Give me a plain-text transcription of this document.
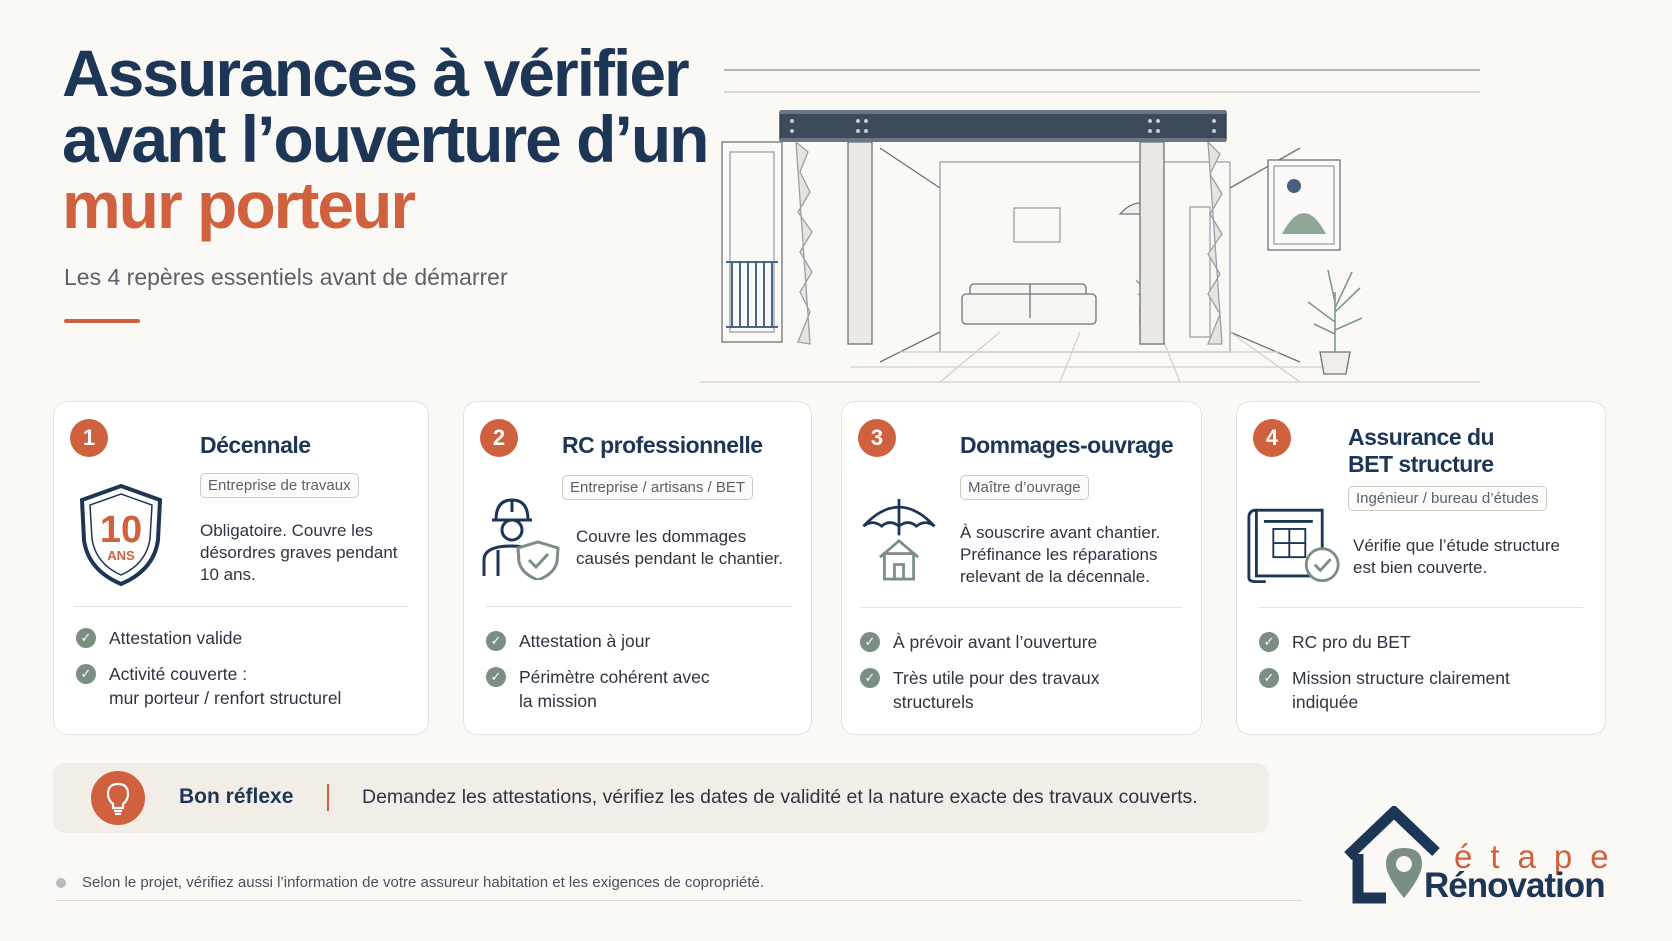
Assurances à vérifier
avant l’ouverture d’un
mur porteur
Les 4 repères essentiels avant de démarrer
1	Décennale
Entreprise de travaux
10
ANS
Obligatoire. Couvre les
désordres graves pendant
10 ans.
✓ Attestation valide
✓ Activité couverte :
mur porteur / renfort structurel
2	RC professionnelle
Entreprise / artisans / BET
Couvre les dommages
causés pendant le chantier.
✓ Attestation à jour
✓ Périmètre cohérent avec
la mission
3	Dommages-ouvrage
Maître d’ouvrage
À souscrire avant chantier.
Préfinance les réparations
relevant de la décennale.
✓ À prévoir avant l’ouverture
✓ Très utile pour des travaux
structurels
4	Assurance du
BET structure
Ingénieur / bureau d’études
Vérifie que l’étude structure
est bien couverte.
✓ RC pro du BET
✓ Mission structure clairement
indiquée
Bon réflexe	Demandez les attestations, vérifiez les dates de validité et la nature exacte des travaux couverts.
Selon le projet, vérifiez aussi l’information de votre assureur habitation et les exigences de copropriété.
étape
Rénovation
